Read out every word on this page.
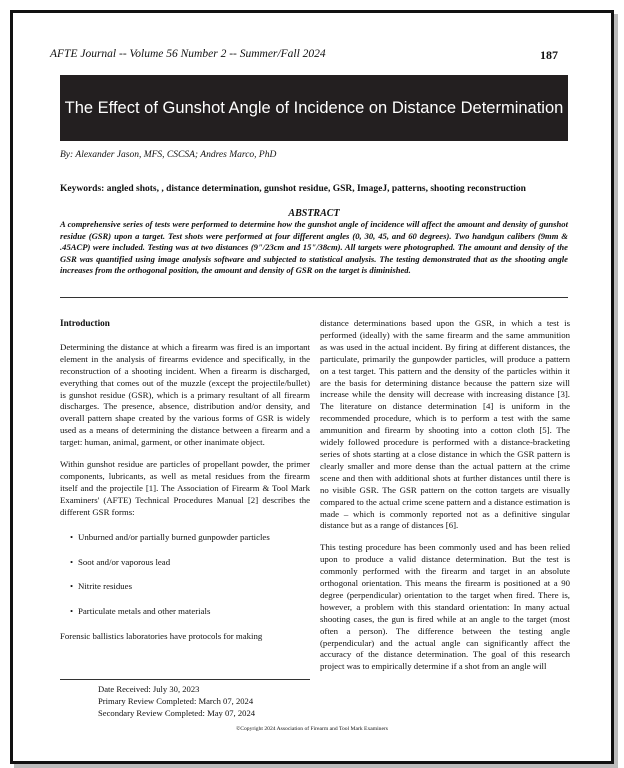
AFTE Journal -- Volume 56 Number 2 -- Summer/Fall 2024	187
The Effect of Gunshot Angle of Incidence on Distance Determination
By: Alexander Jason, MFS, CSCSA; Andres Marco, PhD
Keywords: angled shots, , distance determination, gunshot residue, GSR, ImageJ, patterns, shooting reconstruction
ABSTRACT
A comprehensive series of tests were performed to determine how the gunshot angle of incidence will affect the amount and density of gunshot residue (GSR) upon a target. Test shots were performed at four different angles (0, 30, 45, and 60 degrees). Two handgun calibers (9mm & .45ACP) were included. Testing was at two distances (9"/23cm and 15"/38cm). All targets were photographed. The amount and density of the GSR was quantified using image analysis software and subjected to statistical analysis. The testing demonstrated that as the shooting angle increases from the orthogonal position, the amount and density of GSR on the target is diminished.
Introduction

Determining the distance at which a firearm was fired is an important element in the analysis of firearms evidence and specifically, in the reconstruction of a shooting incident. When a firearm is discharged, everything that comes out of the muzzle (except the projectile/bullet) is gunshot residue (GSR), which is a primary resultant of all firearm discharges. The presence, absence, distribution and/or density, and overall pattern shape created by the various forms of GSR is widely used as a means of determining the distance between a firearm and a target: human, animal, garment, or other inanimate object.

Within gunshot residue are particles of propellant powder, the primer components, lubricants, as well as metal residues from the firearm itself and the projectile [1]. The Association of Firearm & Tool Mark Examiners' (AFTE) Technical Procedures Manual [2] describes the different GSR forms:

• Unburned and/or partially burned gunpowder particles
• Soot and/or vaporous lead
• Nitrite residues
• Particulate metals and other materials

Forensic ballistics laboratories have protocols for making

distance determinations based upon the GSR, in which a test is performed (ideally) with the same firearm and the same ammunition as was used in the actual incident. By firing at different distances, the particulate, primarily the gunpowder particles, will produce a pattern on a test target. This pattern and the density of the particles within it are the basis for determining distance because the pattern size will increase while the density will decrease with increasing distance [3]. The literature on distance determination [4] is uniform in the recommended procedure, which is to perform a test with the same ammunition and firearm by shooting into a cotton cloth [5]. The widely followed procedure is performed with a distance-bracketing series of shots starting at a close distance in which the GSR pattern is clearly smaller and more dense than the actual pattern at the crime scene and then with additional shots at further distances until there is no visible GSR. The GSR pattern on the cotton targets are visually compared to the actual crime scene pattern and a distance estimation is made – which is commonly reported not as a definitive singular distance but as a range of distances [6].

This testing procedure has been commonly used and has been relied upon to produce a valid distance determination. But the test is commonly performed with the firearm and target in an absolute orthogonal orientation. This means the firearm is positioned at a 90 degree (perpendicular) orientation to the target when fired. There is, however, a problem with this standard orientation: In many actual shooting cases, the gun is fired while at an angle to the target (most often a person). The difference between the testing angle (perpendicular) and the actual angle can significantly affect the accuracy of the distance determination. The goal of this research project was to empirically determine if a shot from an angle will

Date Received: July 30, 2023
Primary Review Completed: March 07, 2024
Secondary Review Completed: May 07, 2024
©Copyright 2024 Association of Firearm and Tool Mark Examiners
